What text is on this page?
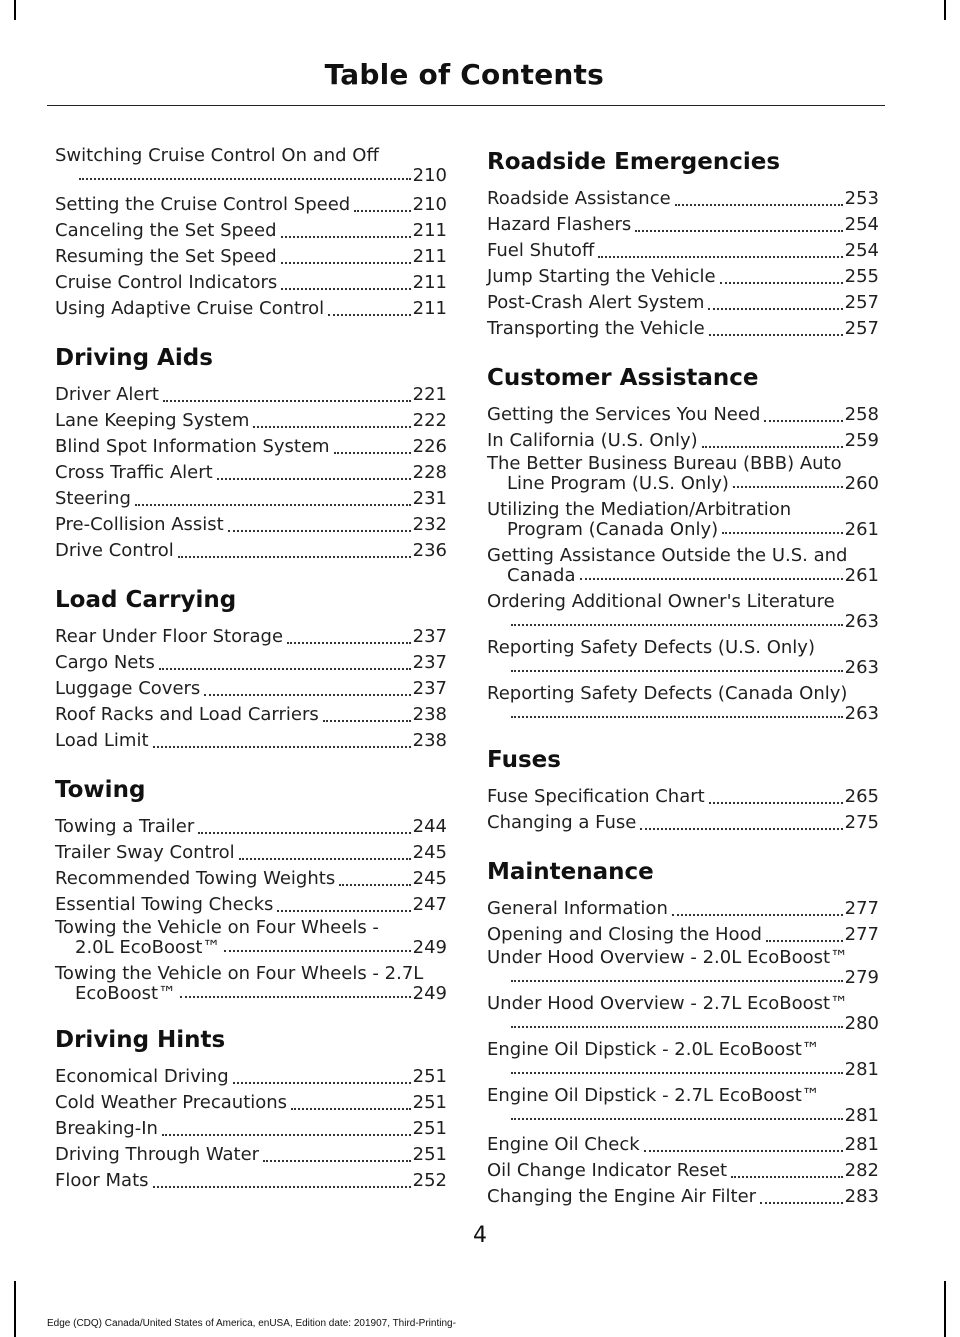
Table of Contents
Switching Cruise Control On and Off
210
Setting the Cruise Control Speed	210
Canceling the Set Speed	211
Resuming the Set Speed	211
Cruise Control Indicators	211
Using Adaptive Cruise Control	211
Driving Aids
Driver Alert	221
Lane Keeping System	222
Blind Spot Information System	226
Cross Traffic Alert	228
Steering	231
Pre-Collision Assist	232
Drive Control	236
Load Carrying
Rear Under Floor Storage	237
Cargo Nets	237
Luggage Covers	237
Roof Racks and Load Carriers	238
Load Limit	238
Towing
Towing a Trailer	244
Trailer Sway Control	245
Recommended Towing Weights	245
Essential Towing Checks	247
Towing the Vehicle on Four Wheels -
2.0L EcoBoost™	249
Towing the Vehicle on Four Wheels - 2.7L
EcoBoost™	249
Driving Hints
Economical Driving	251
Cold Weather Precautions	251
Breaking-In	251
Driving Through Water	251
Floor Mats	252
Roadside Emergencies
Roadside Assistance	253
Hazard Flashers	254
Fuel Shutoff	254
Jump Starting the Vehicle	255
Post-Crash Alert System	257
Transporting the Vehicle	257
Customer Assistance
Getting the Services You Need	258
In California (U.S. Only)	259
The Better Business Bureau (BBB) Auto
Line Program (U.S. Only)	260
Utilizing the Mediation/Arbitration
Program (Canada Only)	261
Getting Assistance Outside the U.S. and
Canada	261
Ordering Additional Owner's Literature
263
Reporting Safety Defects (U.S. Only)
263
Reporting Safety Defects (Canada Only)
263
Fuses
Fuse Specification Chart	265
Changing a Fuse	275
Maintenance
General Information	277
Opening and Closing the Hood	277
Under Hood Overview - 2.0L EcoBoost™
279
Under Hood Overview - 2.7L EcoBoost™
280
Engine Oil Dipstick - 2.0L EcoBoost™
281
Engine Oil Dipstick - 2.7L EcoBoost™
281
Engine Oil Check	281
Oil Change Indicator Reset	282
Changing the Engine Air Filter	283
4
Edge (CDQ) Canada/United States of America, enUSA, Edition date: 201907, Third-Printing-
